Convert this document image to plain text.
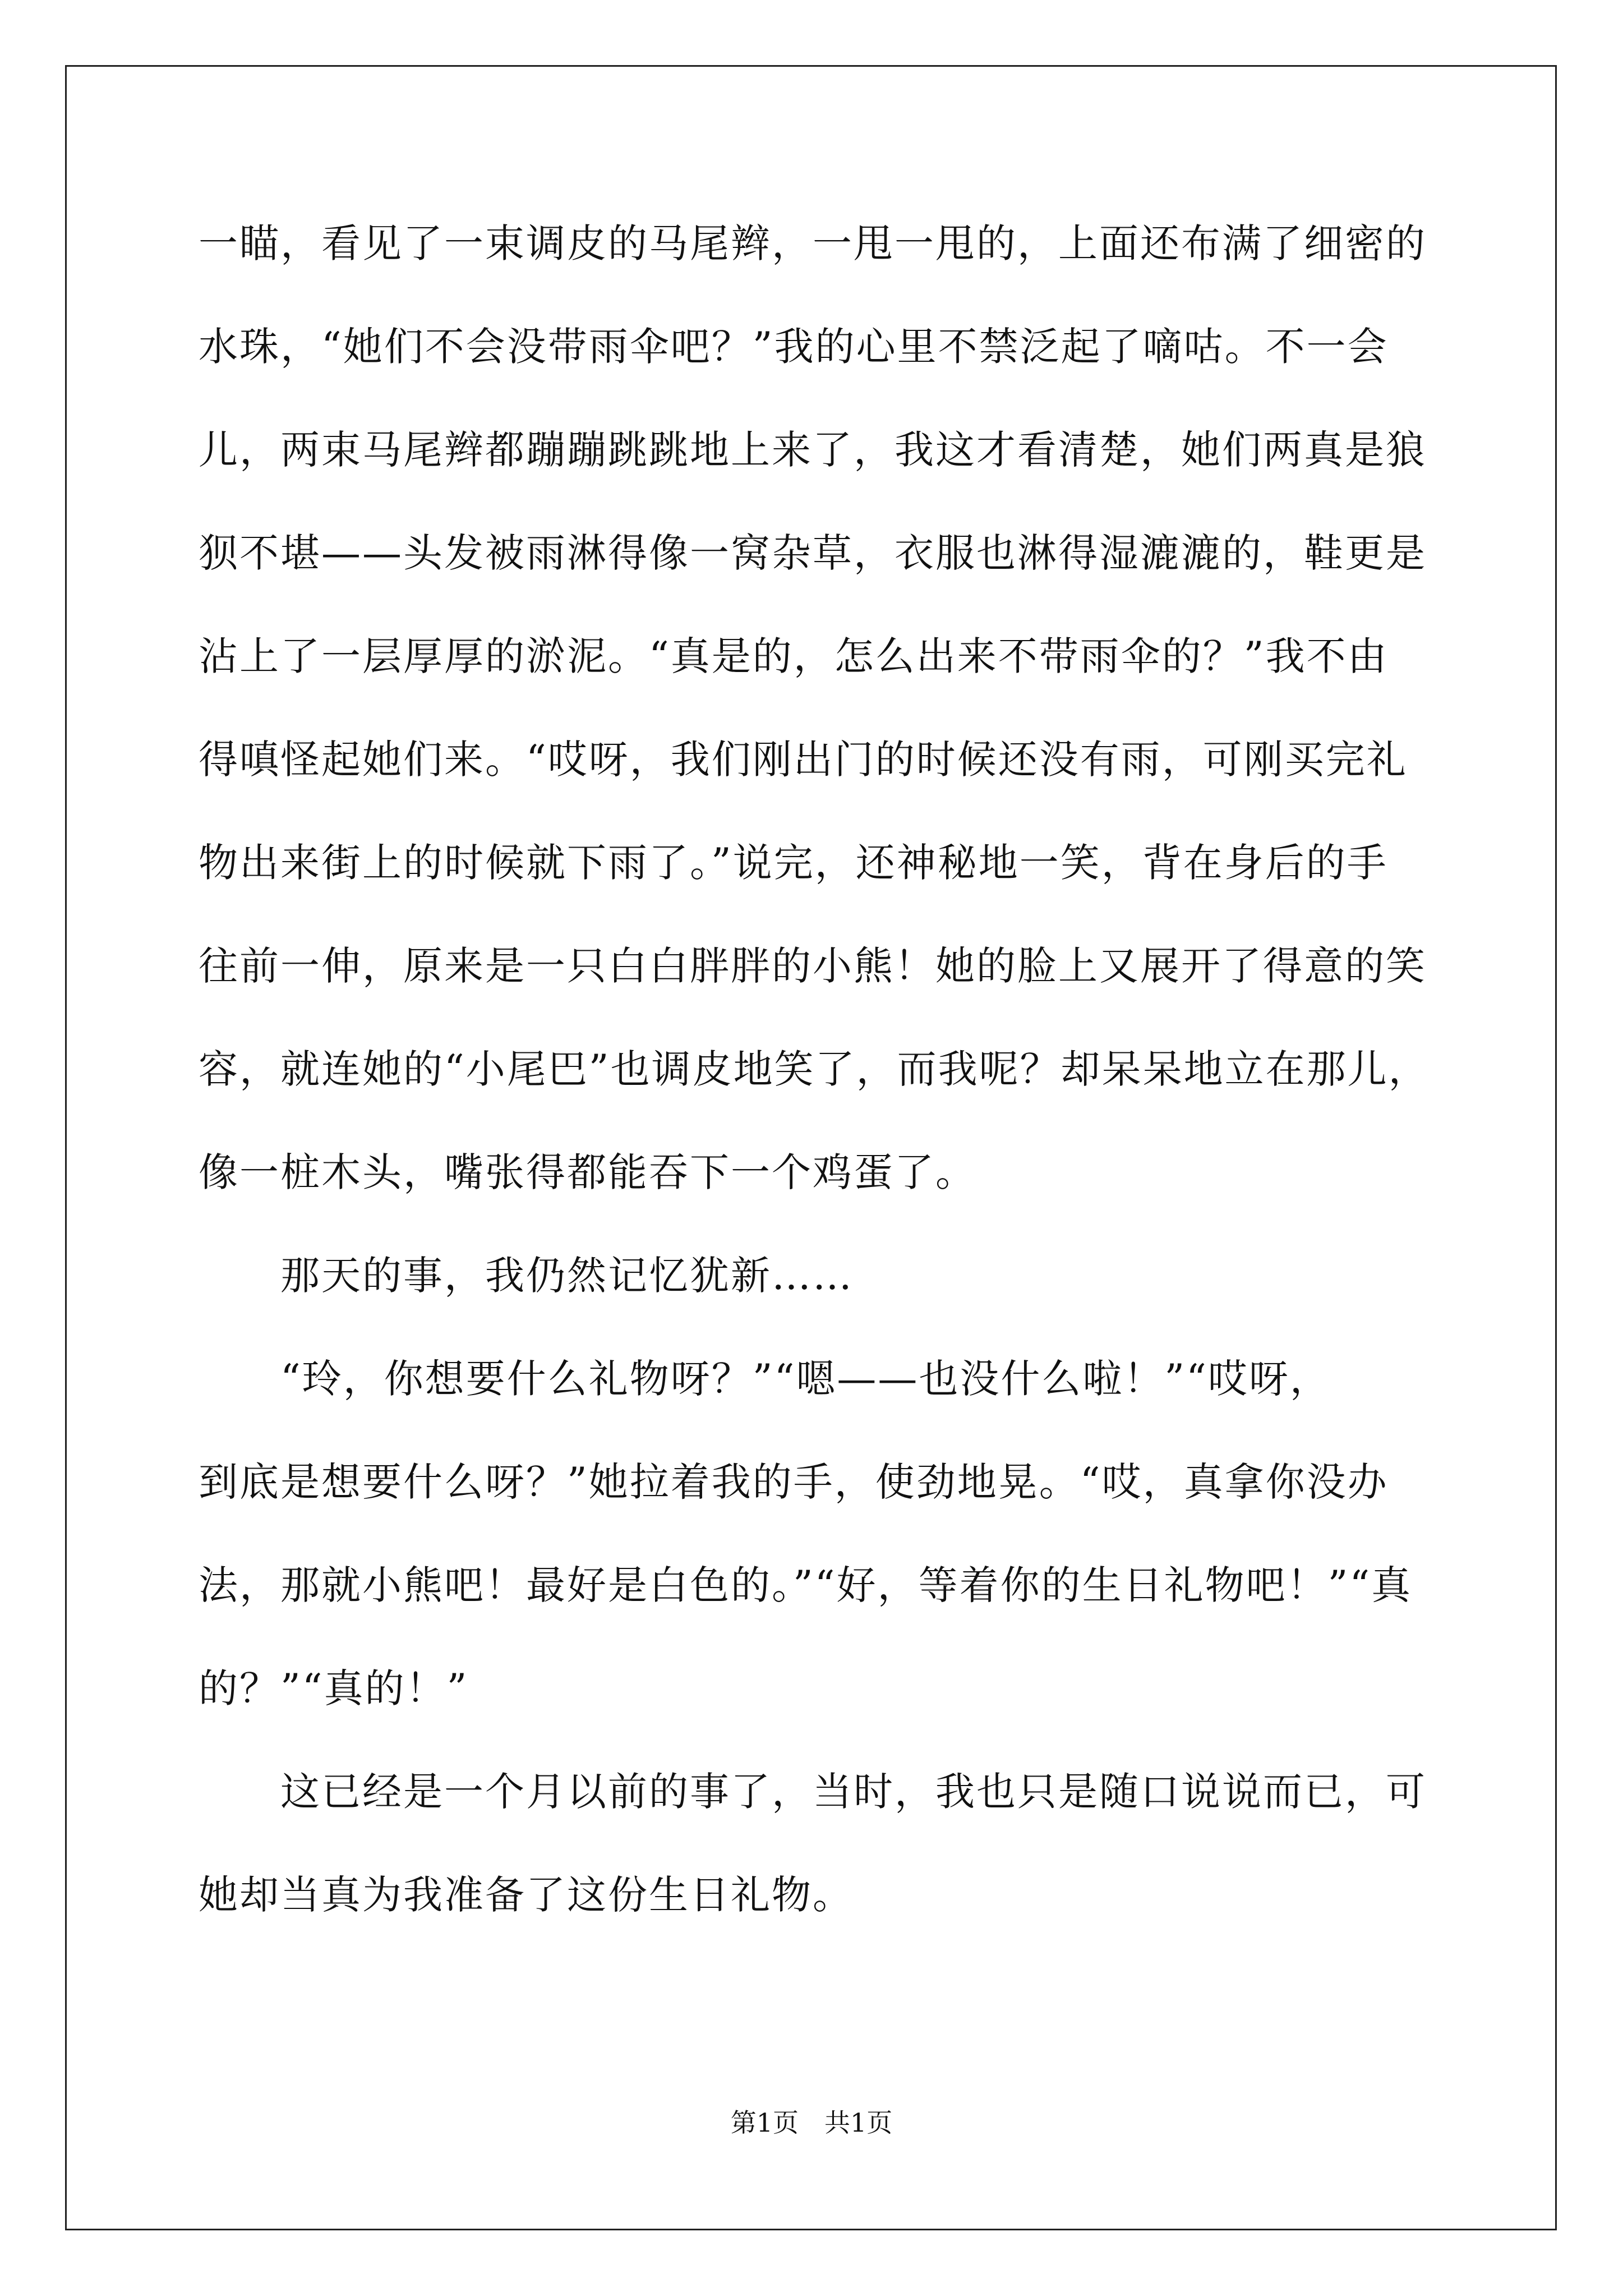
一瞄，看见了一束调皮的马尾辫，一甩一甩的，上面还布满了细密的
水珠，“她们不会没带雨伞吧？”我的心里不禁泛起了嘀咕。不一会
儿，两束马尾辫都蹦蹦跳跳地上来了，我这才看清楚，她们两真是狼
狈不堪——头发被雨淋得像一窝杂草，衣服也淋得湿漉漉的，鞋更是
沾上了一层厚厚的淤泥。“真是的，怎么出来不带雨伞的？”我不由
得嗔怪起她们来。“哎呀，我们刚出门的时候还没有雨，可刚买完礼
物出来街上的时候就下雨了。”说完，还神秘地一笑，背在身后的手
往前一伸，原来是一只白白胖胖的小熊！她的脸上又展开了得意的笑
容，就连她的“小尾巴”也调皮地笑了，而我呢？却呆呆地立在那儿，
像一桩木头，嘴张得都能吞下一个鸡蛋了。
　　那天的事，我仍然记忆犹新……
　　“玲，你想要什么礼物呀？”“嗯——也没什么啦！”“哎呀，
到底是想要什么呀？”她拉着我的手，使劲地晃。“哎，真拿你没办
法，那就小熊吧！最好是白色的。”“好，等着你的生日礼物吧！”“真
的？”“真的！”
　　这已经是一个月以前的事了，当时，我也只是随口说说而已，可
她却当真为我准备了这份生日礼物。
第1页　共1页
